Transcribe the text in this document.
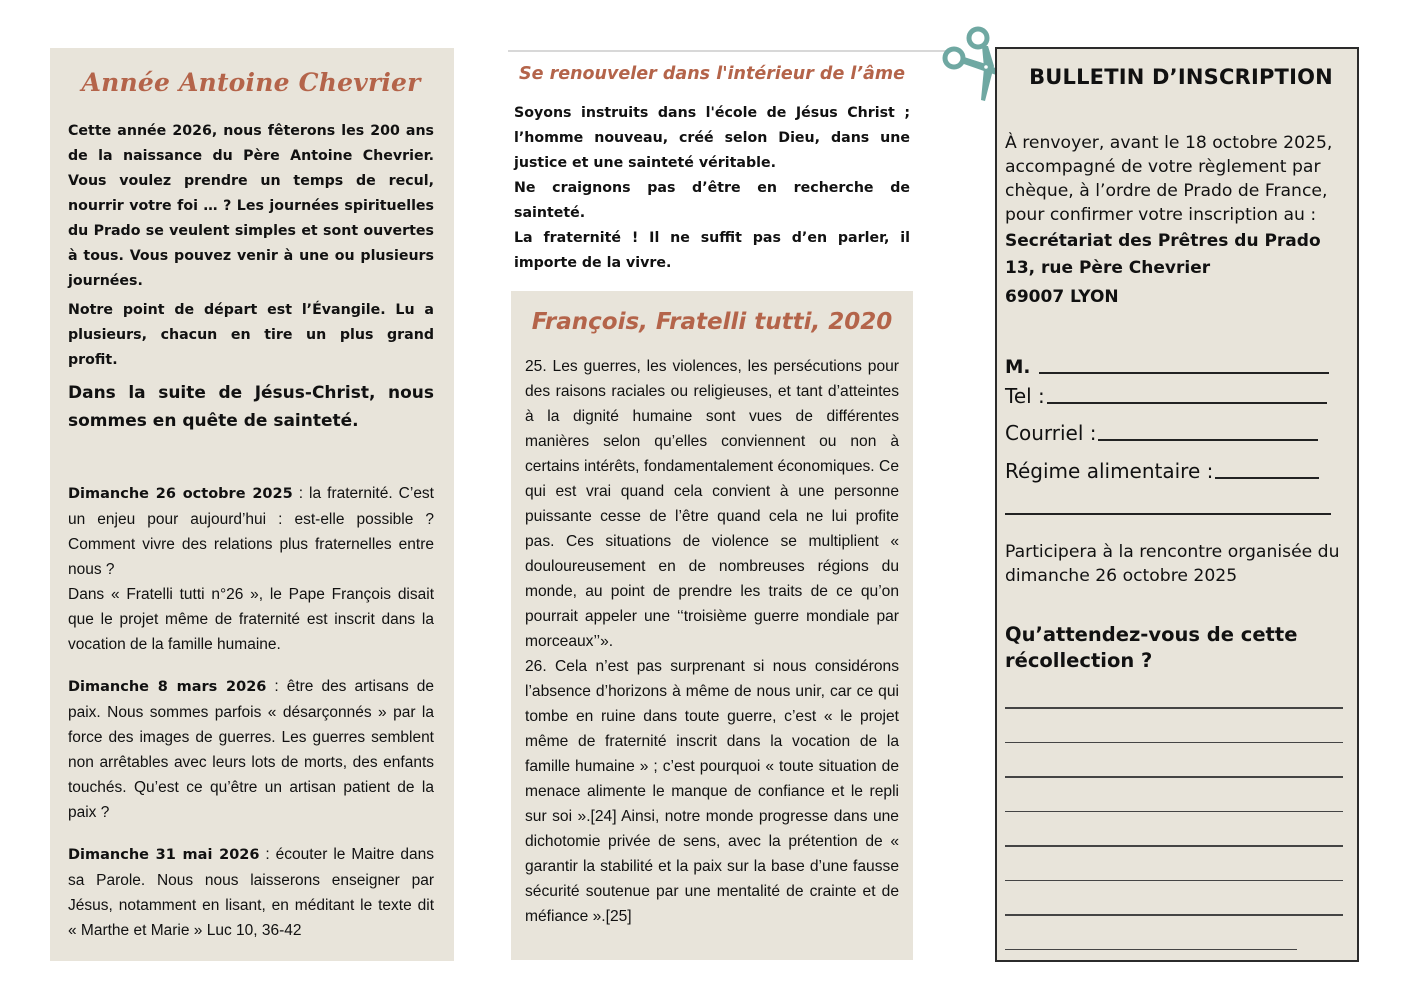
Année Antoine Chevrier

Cette année 2026, nous fêterons les 200 ans de la naissance du Père Antoine Chevrier. Vous voulez prendre un temps de recul, nourrir votre foi … ? Les journées spirituelles du Prado se veulent simples et sont ouvertes à tous. Vous pouvez venir à une ou plusieurs journées.

Notre point de départ est l’Évangile. Lu a plusieurs, chacun en tire un plus grand profit.

Dans la suite de Jésus-Christ, nous sommes en quête de sainteté.

Dimanche 26 octobre 2025 : la fraternité. C’est un enjeu pour aujourd’hui : est-elle possible ? Comment vivre des relations plus fraternelles entre nous ?

Dans « Fratelli tutti n°26 », le Pape François disait que le projet même de fraternité est inscrit dans la vocation de la famille humaine.

Dimanche 8 mars 2026 : être des artisans de paix. Nous sommes parfois « désarçonnés » par la force des images de guerres. Les guerres semblent non arrêtables avec leurs lots de morts, des enfants touchés. Qu’est ce qu’être un artisan patient de la paix ?

Dimanche 31 mai 2026 : écouter le Maitre dans sa Parole. Nous nous laisserons enseigner par Jésus, notamment en lisant, en méditant le texte dit « Marthe et Marie » Luc 10, 36-42

Se renouveler dans l'intérieur de l’âme

Soyons instruits dans l'école de Jésus Christ ; l’homme nouveau, créé selon Dieu, dans une justice et une sainteté véritable.

Ne craignons pas d’être en recherche de sainteté.

La fraternité ! Il ne suffit pas d’en parler, il importe de la vivre.

François, Fratelli tutti, 2020

25. Les guerres, les violences, les persécutions pour des raisons raciales ou religieuses, et tant d’atteintes à la dignité humaine sont vues de différentes manières selon qu’elles conviennent ou non à certains intérêts, fondamentalement économiques. Ce qui est vrai quand cela convient à une personne puissante cesse de l’être quand cela ne lui profite pas. Ces situations de violence se multiplient « douloureusement en de nombreuses régions du monde, au point de prendre les traits de ce qu’on pourrait appeler une ‘‘troisième guerre mondiale par morceaux’’».

26. Cela n’est pas surprenant si nous considérons l’absence d’horizons à même de nous unir, car ce qui tombe en ruine dans toute guerre, c’est « le projet même de fraternité inscrit dans la vocation de la famille humaine » ; c’est pourquoi « toute situation de menace alimente le manque de confiance et le repli sur soi ».[24] Ainsi, notre monde progresse dans une dichotomie privée de sens, avec la prétention de « garantir la stabilité et la paix sur la base d’une fausse sécurité soutenue par une mentalité de crainte et de méfiance ».[25]

BULLETIN D’INSCRIPTION

À renvoyer, avant le 18 octobre 2025, accompagné de votre règlement par chèque, à l’ordre de Prado de France, pour confirmer votre inscription au :

Secrétariat des Prêtres du Prado

13, rue Père Chevrier

69007 LYON

M.
Tel :
Courriel :
Régime alimentaire :

Participera à la rencontre organisée du dimanche 26 octobre 2025

Qu’attendez-vous de cette récollection ?
